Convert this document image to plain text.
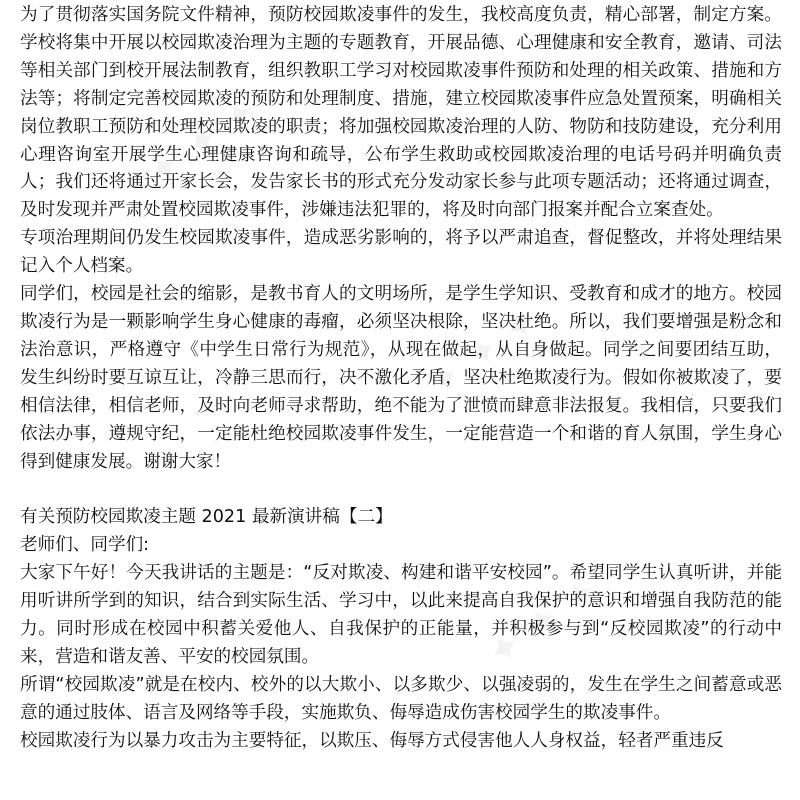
✦ ✦ ✦
✦ ✦ ✦
✦ ✦ ✦

为了贯彻落实国务院文件精神，预防校园欺凌事件的发生，我校高度负责，精心部署，制定方案。学校将集中开展以校园欺凌治理为主题的专题教育，开展品德、心理健康和安全教育，邀请、司法等相关部门到校开展法制教育，组织教职工学习对校园欺凌事件预防和处理的相关政策、措施和方法等；将制定完善校园欺凌的预防和处理制度、措施，建立校园欺凌事件应急处置预案，明确相关岗位教职工预防和处理校园欺凌的职责；将加强校园欺凌治理的人防、物防和技防建设，充分利用心理咨询室开展学生心理健康咨询和疏导，公布学生救助或校园欺凌治理的电话号码并明确负责人；我们还将通过开家长会，发告家长书的形式充分发动家长参与此项专题活动；还将通过调查，及时发现并严肃处置校园欺凌事件，涉嫌违法犯罪的，将及时向部门报案并配合立案查处。

专项治理期间仍发生校园欺凌事件，造成恶劣影响的，将予以严肃追查，督促整改，并将处理结果记入个人档案。

同学们，校园是社会的缩影，是教书育人的文明场所，是学生学知识、受教育和成才的地方。校园欺凌行为是一颗影响学生身心健康的毒瘤，必须坚决根除，坚决杜绝。所以，我们要增强是粉念和法治意识，严格遵守《中学生日常行为规范》，从现在做起，从自身做起。同学之间要团结互助，发生纠纷时要互谅互让，冷静三思而行，决不激化矛盾，坚决杜绝欺凌行为。假如你被欺凌了，要相信法律，相信老师，及时向老师寻求帮助，绝不能为了泄愤而肆意非法报复。我相信，只要我们依法办事，遵规守纪，一定能杜绝校园欺凌事件发生，一定能营造一个和谐的育人氛围，学生身心得到健康发展。谢谢大家！

有关预防校园欺凌主题 2021 最新演讲稿【二】

老师们、同学们:

大家下午好！今天我讲话的主题是：“反对欺凌、构建和谐平安校园”。希望同学生认真听讲，并能用听讲所学到的知识，结合到实际生活、学习中，以此来提高自我保护的意识和增强自我防范的能力。同时形成在校园中积蓄关爱他人、自我保护的正能量，并积极参与到“反校园欺凌”的行动中来，营造和谐友善、平安的校园氛围。

所谓“校园欺凌”就是在校内、校外的以大欺小、以多欺少、以强凌弱的，发生在学生之间蓄意或恶意的通过肢体、语言及网络等手段，实施欺负、侮辱造成伤害校园学生的欺凌事件。

校园欺凌行为以暴力攻击为主要特征，以欺压、侮辱方式侵害他人人身权益，轻者严重违反
